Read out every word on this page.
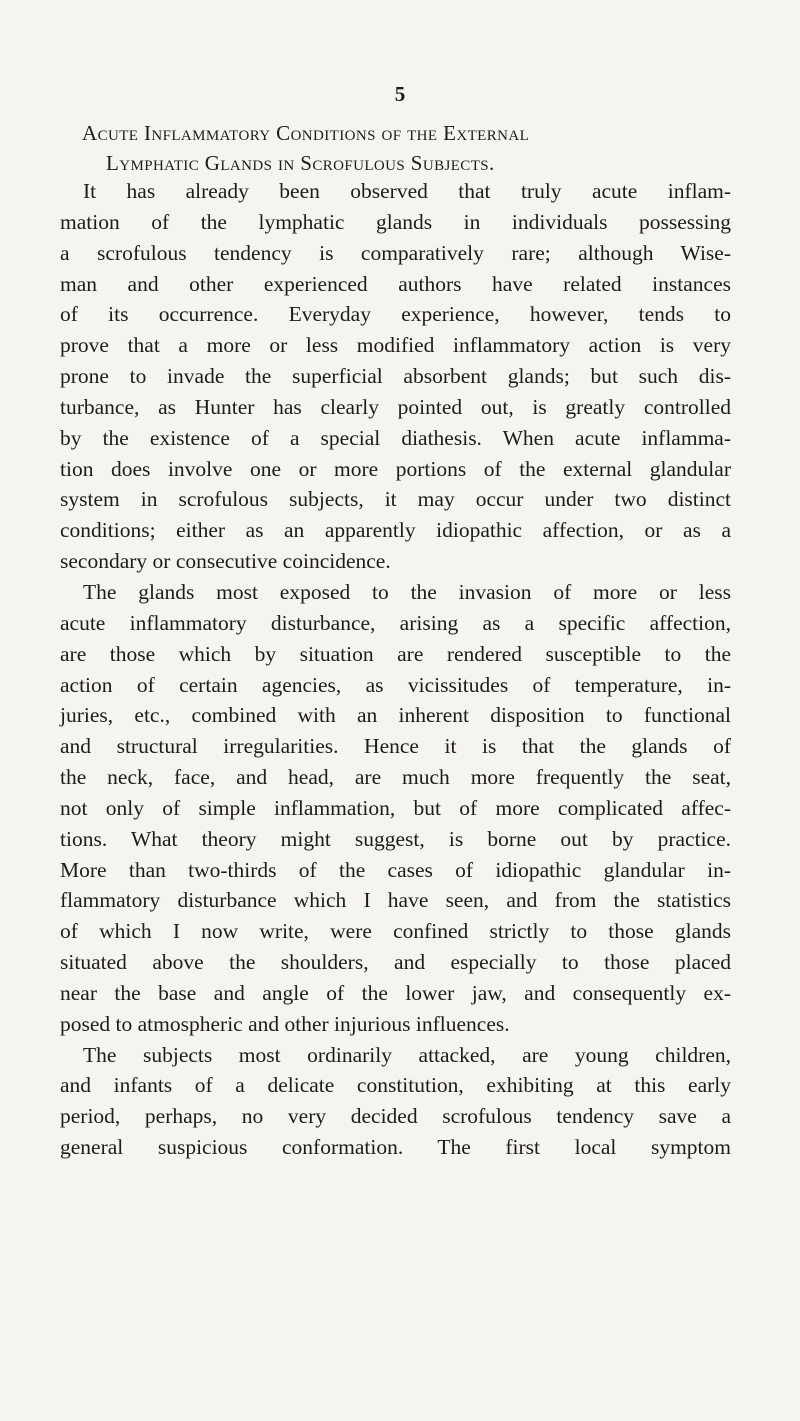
5
Acute Inflammatory Conditions of the External
Lymphatic Glands in Scrofulous Subjects.
It has already been observed that truly acute inflam-
mation of the lymphatic glands in individuals possessing
a scrofulous tendency is comparatively rare; although Wise-
man and other experienced authors have related instances
of its occurrence. Everyday experience, however, tends to
prove that a more or less modified inflammatory action is very
prone to invade the superficial absorbent glands; but such dis-
turbance, as Hunter has clearly pointed out, is greatly controlled
by the existence of a special diathesis. When acute inflamma-
tion does involve one or more portions of the external glandular
system in scrofulous subjects, it may occur under two distinct
conditions; either as an apparently idiopathic affection, or as a
secondary or consecutive coincidence.
The glands most exposed to the invasion of more or less
acute inflammatory disturbance, arising as a specific affection,
are those which by situation are rendered susceptible to the
action of certain agencies, as vicissitudes of temperature, in-
juries, etc., combined with an inherent disposition to functional
and structural irregularities. Hence it is that the glands of
the neck, face, and head, are much more frequently the seat,
not only of simple inflammation, but of more complicated affec-
tions. What theory might suggest, is borne out by practice.
More than two-thirds of the cases of idiopathic glandular in-
flammatory disturbance which I have seen, and from the statistics
of which I now write, were confined strictly to those glands
situated above the shoulders, and especially to those placed
near the base and angle of the lower jaw, and consequently ex-
posed to atmospheric and other injurious influences.
The subjects most ordinarily attacked, are young children,
and infants of a delicate constitution, exhibiting at this early
period, perhaps, no very decided scrofulous tendency save a
general suspicious conformation. The first local symptom
